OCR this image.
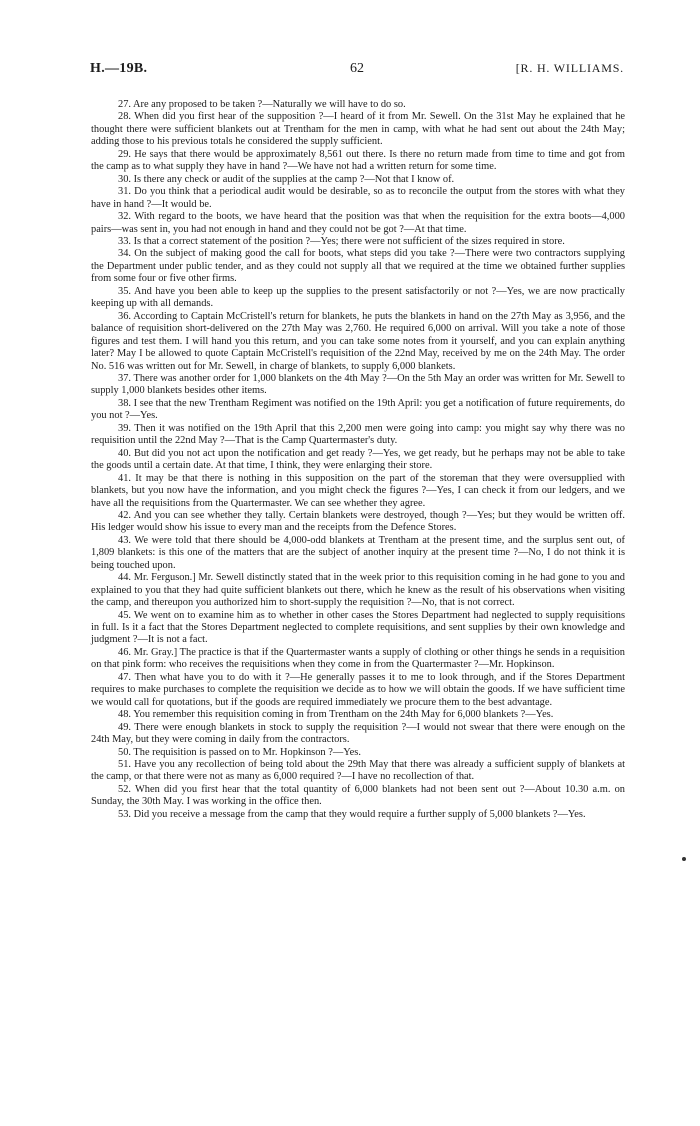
H.—19B.	62	[R. H. WILLIAMS.

27. Are any proposed to be taken ?—Naturally we will have to do so.

28. When did you first hear of the supposition ?—I heard of it from Mr. Sewell. On the 31st May he explained that he thought there were sufficient blankets out at Trentham for the men in camp, with what he had sent out about the 24th May; adding those to his previous totals he considered the supply sufficient.

29. He says that there would be approximately 8,561 out there. Is there no return made from time to time and got from the camp as to what supply they have in hand ?—We have not had a written return for some time.

30. Is there any check or audit of the supplies at the camp ?—Not that I know of.

31. Do you think that a periodical audit would be desirable, so as to reconcile the output from the stores with what they have in hand ?—It would be.

32. With regard to the boots, we have heard that the position was that when the requisition for the extra boots—4,000 pairs—was sent in, you had not enough in hand and they could not be got ?—At that time.

33. Is that a correct statement of the position ?—Yes; there were not sufficient of the sizes required in store.

34. On the subject of making good the call for boots, what steps did you take ?—There were two contractors supplying the Department under public tender, and as they could not supply all that we required at the time we obtained further supplies from some four or five other firms.

35. And have you been able to keep up the supplies to the present satisfactorily or not ?—Yes, we are now practically keeping up with all demands.

36. According to Captain McCristell's return for blankets, he puts the blankets in hand on the 27th May as 3,956, and the balance of requisition short-delivered on the 27th May was 2,760. He required 6,000 on arrival. Will you take a note of those figures and test them. I will hand you this return, and you can take some notes from it yourself, and you can explain anything later? May I be allowed to quote Captain McCristell's requisition of the 22nd May, received by me on the 24th May. The order No. 516 was written out for Mr. Sewell, in charge of blankets, to supply 6,000 blankets.

37. There was another order for 1,000 blankets on the 4th May ?—On the 5th May an order was written for Mr. Sewell to supply 1,000 blankets besides other items.

38. I see that the new Trentham Regiment was notified on the 19th April: you get a notification of future requirements, do you not ?—Yes.

39. Then it was notified on the 19th April that this 2,200 men were going into camp: you might say why there was no requisition until the 22nd May ?—That is the Camp Quartermaster's duty.

40. But did you not act upon the notification and get ready ?—Yes, we get ready, but he perhaps may not be able to take the goods until a certain date. At that time, I think, they were enlarging their store.

41. It may be that there is nothing in this supposition on the part of the storeman that they were oversupplied with blankets, but you now have the information, and you might check the figures ?—Yes, I can check it from our ledgers, and we have all the requisitions from the Quartermaster. We can see whether they agree.

42. And you can see whether they tally. Certain blankets were destroyed, though ?—Yes; but they would be written off. His ledger would show his issue to every man and the receipts from the Defence Stores.

43. We were told that there should be 4,000-odd blankets at Trentham at the present time, and the surplus sent out, of 1,809 blankets: is this one of the matters that are the subject of another inquiry at the present time ?—No, I do not think it is being touched upon.

44. Mr. Ferguson.] Mr. Sewell distinctly stated that in the week prior to this requisition coming in he had gone to you and explained to you that they had quite sufficient blankets out there, which he knew as the result of his observations when visiting the camp, and thereupon you authorized him to short-supply the requisition ?—No, that is not correct.

45. We went on to examine him as to whether in other cases the Stores Department had neglected to supply requisitions in full. Is it a fact that the Stores Department neglected to complete requisitions, and sent supplies by their own knowledge and judgment ?—It is not a fact.

46. Mr. Gray.] The practice is that if the Quartermaster wants a supply of clothing or other things he sends in a requisition on that pink form: who receives the requisitions when they come in from the Quartermaster ?—Mr. Hopkinson.

47. Then what have you to do with it ?—He generally passes it to me to look through, and if the Stores Department requires to make purchases to complete the requisition we decide as to how we will obtain the goods. If we have sufficient time we would call for quotations, but if the goods are required immediately we procure them to the best advantage.

48. You remember this requisition coming in from Trentham on the 24th May for 6,000 blankets ?—Yes.

49. There were enough blankets in stock to supply the requisition ?—I would not swear that there were enough on the 24th May, but they were coming in daily from the contractors.

50. The requisition is passed on to Mr. Hopkinson ?—Yes.

51. Have you any recollection of being told about the 29th May that there was already a sufficient supply of blankets at the camp, or that there were not as many as 6,000 required ?—I have no recollection of that.

52. When did you first hear that the total quantity of 6,000 blankets had not been sent out ?—About 10.30 a.m. on Sunday, the 30th May. I was working in the office then.

53. Did you receive a message from the camp that they would require a further supply of 5,000 blankets ?—Yes.
